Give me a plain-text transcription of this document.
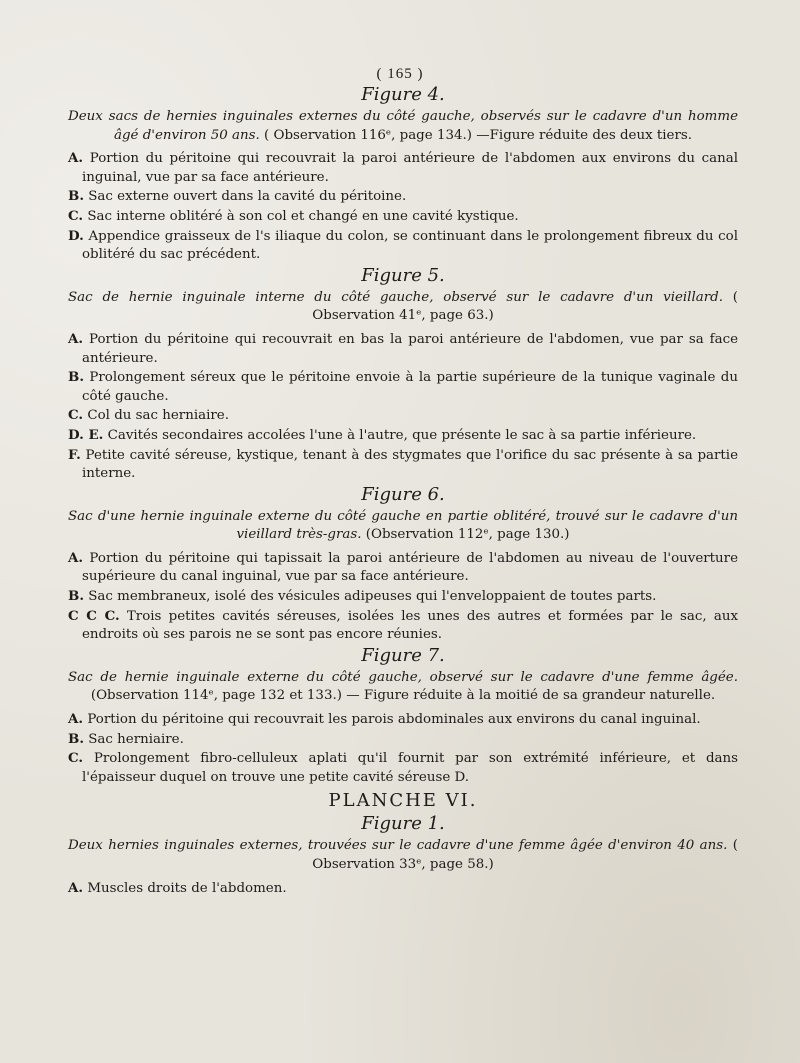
( 165 )

Figure 4.

Deux sacs de hernies inguinales externes du côté gauche, observés sur le cadavre d'un homme âgé d'environ 50 ans. ( Observation 116ᵉ, page 134.) —Figure réduite des deux tiers.

A. Portion du péritoine qui recouvrait la paroi antérieure de l'abdomen aux environs du canal inguinal, vue par sa face antérieure.

B. Sac externe ouvert dans la cavité du péritoine.

C. Sac interne oblitéré à son col et changé en une cavité kystique.

D. Appendice graisseux de l's iliaque du colon, se continuant dans le prolongement fibreux du col oblitéré du sac précédent.

Figure 5.

Sac de hernie inguinale interne du côté gauche, observé sur le cadavre d'un vieillard. ( Observation 41ᵉ, page 63.)

A. Portion du péritoine qui recouvrait en bas la paroi antérieure de l'abdomen, vue par sa face antérieure.

B. Prolongement séreux que le péritoine envoie à la partie supérieure de la tunique vaginale du côté gauche.

C. Col du sac herniaire.

D. E. Cavités secondaires accolées l'une à l'autre, que présente le sac à sa partie inférieure.

F. Petite cavité séreuse, kystique, tenant à des stygmates que l'orifice du sac présente à sa partie interne.

Figure 6.

Sac d'une hernie inguinale externe du côté gauche en partie oblitéré, trouvé sur le cadavre d'un vieillard très-gras. (Observation 112ᵉ, page 130.)

A. Portion du péritoine qui tapissait la paroi antérieure de l'abdomen au niveau de l'ouverture supérieure du canal inguinal, vue par sa face antérieure.

B. Sac membraneux, isolé des vésicules adipeuses qui l'enveloppaient de toutes parts.

C C C. Trois petites cavités séreuses, isolées les unes des autres et formées par le sac, aux endroits où ses parois ne se sont pas encore réunies.

Figure 7.

Sac de hernie inguinale externe du côté gauche, observé sur le cadavre d'une femme âgée. (Observation 114ᵉ, page 132 et 133.) — Figure réduite à la moitié de sa grandeur naturelle.

A. Portion du péritoine qui recouvrait les parois abdominales aux environs du canal inguinal.

B. Sac herniaire.

C. Prolongement fibro-celluleux aplati qu'il fournit par son extrémité inférieure, et dans l'épaisseur duquel on trouve une petite cavité séreuse D.

PLANCHE VI.

Figure 1.

Deux hernies inguinales externes, trouvées sur le cadavre d'une femme âgée d'environ 40 ans. ( Observation 33ᵉ, page 58.)

A. Muscles droits de l'abdomen.
